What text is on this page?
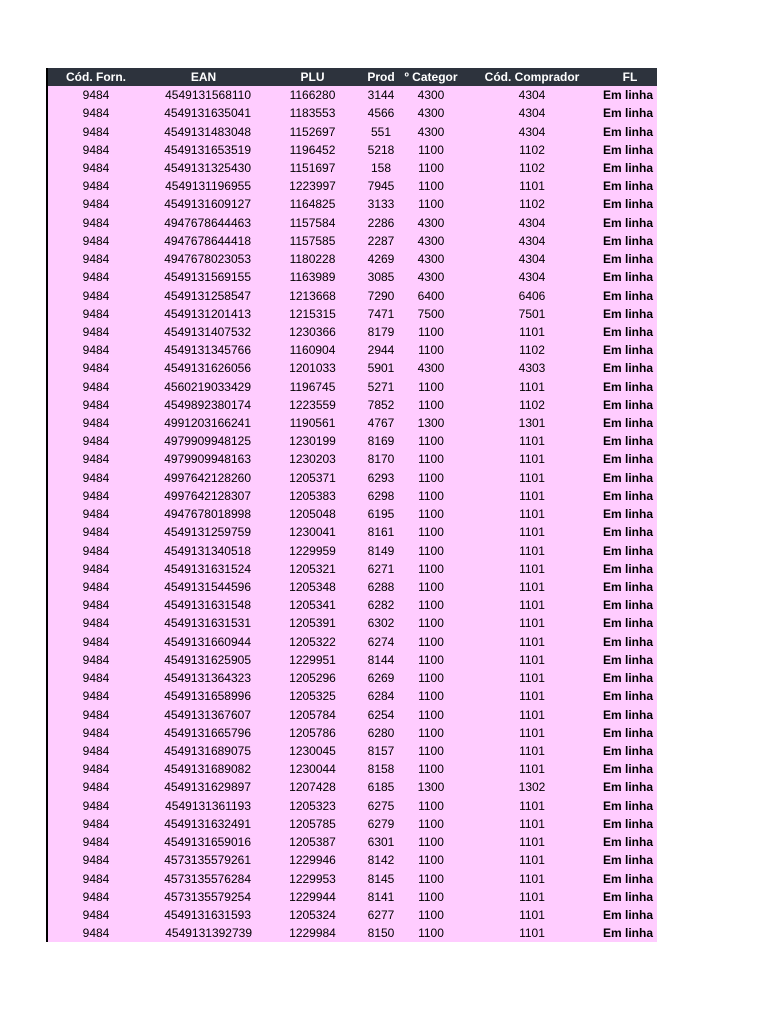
Cód. Forn.	EAN	PLU	Prod	º Categor	Cód. Comprador	FL
9484	4549131568110	1166280	3144	4300	4304	Em linha
9484	4549131635041	1183553	4566	4300	4304	Em linha
9484	4549131483048	1152697	551	4300	4304	Em linha
9484	4549131653519	1196452	5218	1100	1102	Em linha
9484	4549131325430	1151697	158	1100	1102	Em linha
9484	4549131196955	1223997	7945	1100	1101	Em linha
9484	4549131609127	1164825	3133	1100	1102	Em linha
9484	4947678644463	1157584	2286	4300	4304	Em linha
9484	4947678644418	1157585	2287	4300	4304	Em linha
9484	4947678023053	1180228	4269	4300	4304	Em linha
9484	4549131569155	1163989	3085	4300	4304	Em linha
9484	4549131258547	1213668	7290	6400	6406	Em linha
9484	4549131201413	1215315	7471	7500	7501	Em linha
9484	4549131407532	1230366	8179	1100	1101	Em linha
9484	4549131345766	1160904	2944	1100	1102	Em linha
9484	4549131626056	1201033	5901	4300	4303	Em linha
9484	4560219033429	1196745	5271	1100	1101	Em linha
9484	4549892380174	1223559	7852	1100	1102	Em linha
9484	4991203166241	1190561	4767	1300	1301	Em linha
9484	4979909948125	1230199	8169	1100	1101	Em linha
9484	4979909948163	1230203	8170	1100	1101	Em linha
9484	4997642128260	1205371	6293	1100	1101	Em linha
9484	4997642128307	1205383	6298	1100	1101	Em linha
9484	4947678018998	1205048	6195	1100	1101	Em linha
9484	4549131259759	1230041	8161	1100	1101	Em linha
9484	4549131340518	1229959	8149	1100	1101	Em linha
9484	4549131631524	1205321	6271	1100	1101	Em linha
9484	4549131544596	1205348	6288	1100	1101	Em linha
9484	4549131631548	1205341	6282	1100	1101	Em linha
9484	4549131631531	1205391	6302	1100	1101	Em linha
9484	4549131660944	1205322	6274	1100	1101	Em linha
9484	4549131625905	1229951	8144	1100	1101	Em linha
9484	4549131364323	1205296	6269	1100	1101	Em linha
9484	4549131658996	1205325	6284	1100	1101	Em linha
9484	4549131367607	1205784	6254	1100	1101	Em linha
9484	4549131665796	1205786	6280	1100	1101	Em linha
9484	4549131689075	1230045	8157	1100	1101	Em linha
9484	4549131689082	1230044	8158	1100	1101	Em linha
9484	4549131629897	1207428	6185	1300	1302	Em linha
9484	4549131361193	1205323	6275	1100	1101	Em linha
9484	4549131632491	1205785	6279	1100	1101	Em linha
9484	4549131659016	1205387	6301	1100	1101	Em linha
9484	4573135579261	1229946	8142	1100	1101	Em linha
9484	4573135576284	1229953	8145	1100	1101	Em linha
9484	4573135579254	1229944	8141	1100	1101	Em linha
9484	4549131631593	1205324	6277	1100	1101	Em linha
9484	4549131392739	1229984	8150	1100	1101	Em linha
